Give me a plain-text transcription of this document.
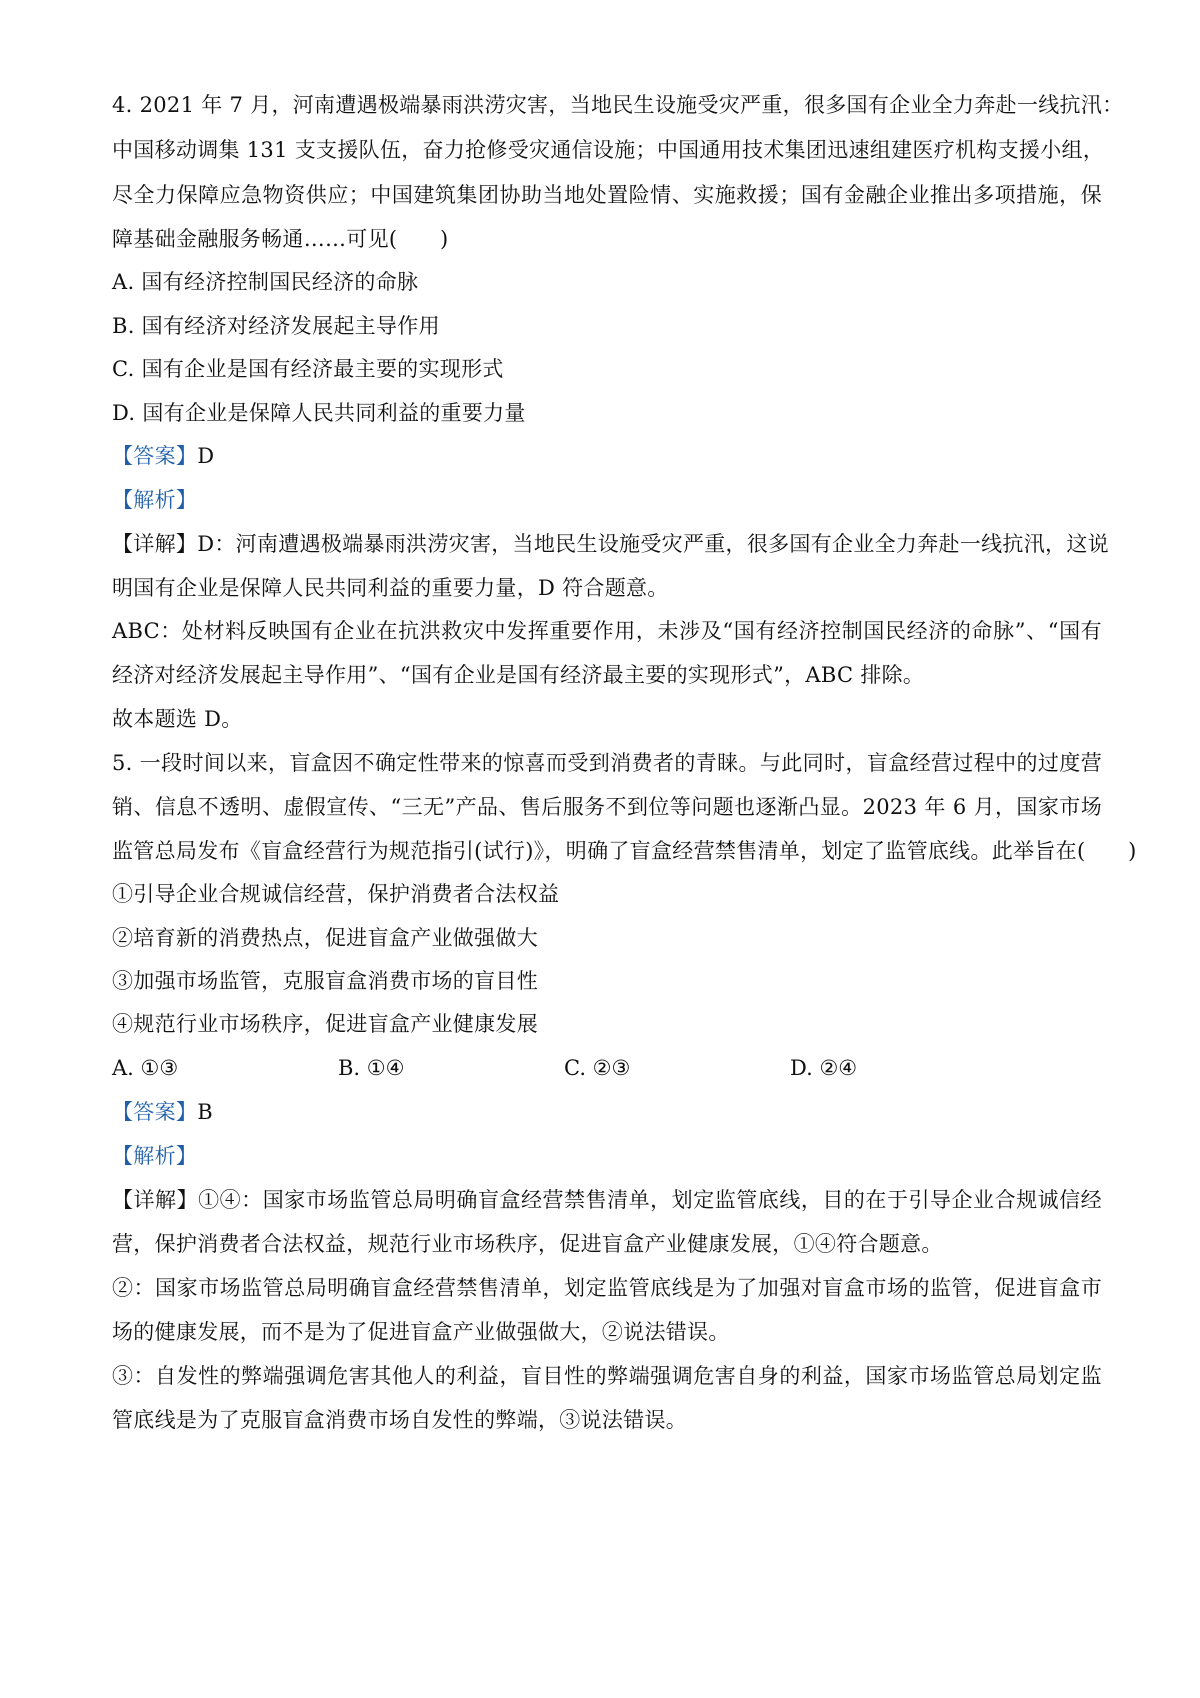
4. 2021 年 7 月，河南遭遇极端暴雨洪涝灾害，当地民生设施受灾严重，很多国有企业全力奔赴一线抗汛：
中国移动调集 131 支支援队伍，奋力抢修受灾通信设施；中国通用技术集团迅速组建医疗机构支援小组，
尽全力保障应急物资供应；中国建筑集团协助当地处置险情、实施救援；国有金融企业推出多项措施，保
障基础金融服务畅通……可见(　　)
A. 国有经济控制国民经济的命脉
B. 国有经济对经济发展起主导作用
C. 国有企业是国有经济最主要的实现形式
D. 国有企业是保障人民共同利益的重要力量
【答案】D
【解析】
【详解】D：河南遭遇极端暴雨洪涝灾害，当地民生设施受灾严重，很多国有企业全力奔赴一线抗汛，这说
明国有企业是保障人民共同利益的重要力量，D 符合题意。
ABC：处材料反映国有企业在抗洪救灾中发挥重要作用，未涉及“国有经济控制国民经济的命脉”、“国有
经济对经济发展起主导作用”、“国有企业是国有经济最主要的实现形式”，ABC 排除。
故本题选 D。
5. 一段时间以来，盲盒因不确定性带来的惊喜而受到消费者的青睐。与此同时，盲盒经营过程中的过度营
销、信息不透明、虚假宣传、“三无”产品、售后服务不到位等问题也逐渐凸显。2023 年 6 月，国家市场
监管总局发布《盲盒经营行为规范指引(试行)》，明确了盲盒经营禁售清单，划定了监管底线。此举旨在(　　)
①引导企业合规诚信经营，保护消费者合法权益
②培育新的消费热点，促进盲盒产业做强做大
③加强市场监管，克服盲盒消费市场的盲目性
④规范行业市场秩序，促进盲盒产业健康发展
A. ①③	B. ①④	C. ②③	D. ②④
【答案】B
【解析】
【详解】①④：国家市场监管总局明确盲盒经营禁售清单，划定监管底线，目的在于引导企业合规诚信经
营，保护消费者合法权益，规范行业市场秩序，促进盲盒产业健康发展，①④符合题意。
②：国家市场监管总局明确盲盒经营禁售清单，划定监管底线是为了加强对盲盒市场的监管，促进盲盒市
场的健康发展，而不是为了促进盲盒产业做强做大，②说法错误。
③：自发性的弊端强调危害其他人的利益，盲目性的弊端强调危害自身的利益，国家市场监管总局划定监
管底线是为了克服盲盒消费市场自发性的弊端，③说法错误。
